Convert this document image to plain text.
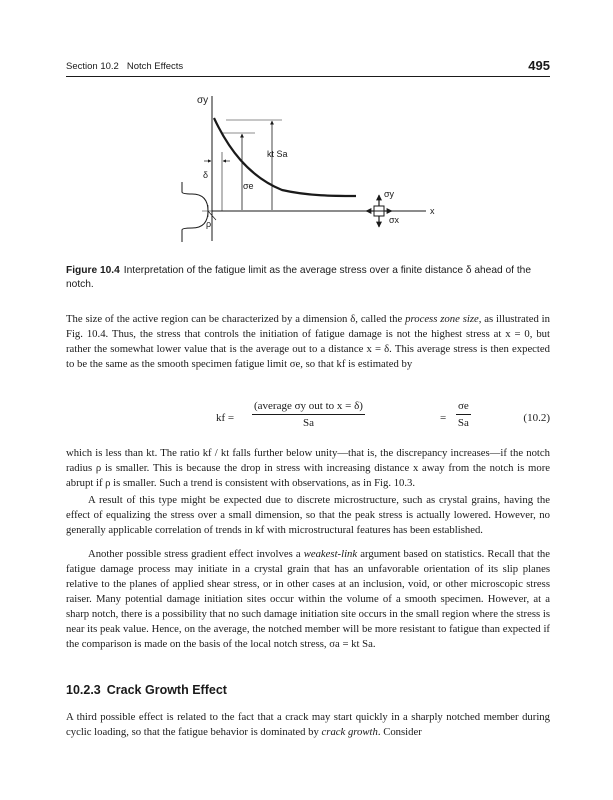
Section 10.2 Notch Effects	495
kt Sa
σe
δ
σy
ρ
x
σy
σx
Figure 10.4 Interpretation of the fatigue limit as the average stress over a finite distance δ ahead of the notch.

The size of the active region can be characterized by a dimension δ, called the process zone size, as illustrated in Fig. 10.4. Thus, the stress that controls the initiation of fatigue damage is not the highest stress at x = 0, but rather the somewhat lower value that is the average out to a distance x = δ. This average stress is then expected to be the same as the smooth specimen fatigue limit σe, so that kf is estimated by

kf =
(average σy out to x = δ)
Sa	= $\frac{\sigma e}{Sa}$	(10.2)

which is less than kt. The ratio kf / kt falls further below unity—that is, the discrepancy increases—if the notch radius ρ is smaller. This is because the drop in stress with increasing distance x away from the notch is more abrupt if ρ is smaller. Such a trend is consistent with observations, as in Fig. 10.3.

A result of this type might be expected due to discrete microstructure, such as crystal grains, having the effect of equalizing the stress over a small dimension, so that the peak stress is actually lowered. However, no generally applicable correlation of trends in kf with microstructural features has been established.

Another possible stress gradient effect involves a weakest-link argument based on statistics. Recall that the fatigue damage process may initiate in a crystal grain that has an unfavorable orientation of its slip planes relative to the planes of applied shear stress, or in other cases at an inclusion, void, or other microscopic stress raiser. Many potential damage initiation sites occur within the volume of a smooth specimen. However, at a sharp notch, there is a possibility that no such damage initiation site occurs in the small region where the stress is near its peak value. Hence, on the average, the notched member will be more resistant to fatigue than expected if the comparison is made on the basis of the local notch stress, σa = kt Sa.

10.2.3 Crack Growth Effect

A third possible effect is related to the fact that a crack may start quickly in a sharply notched member during cyclic loading, so that the fatigue behavior is dominated by crack growth. Consider
